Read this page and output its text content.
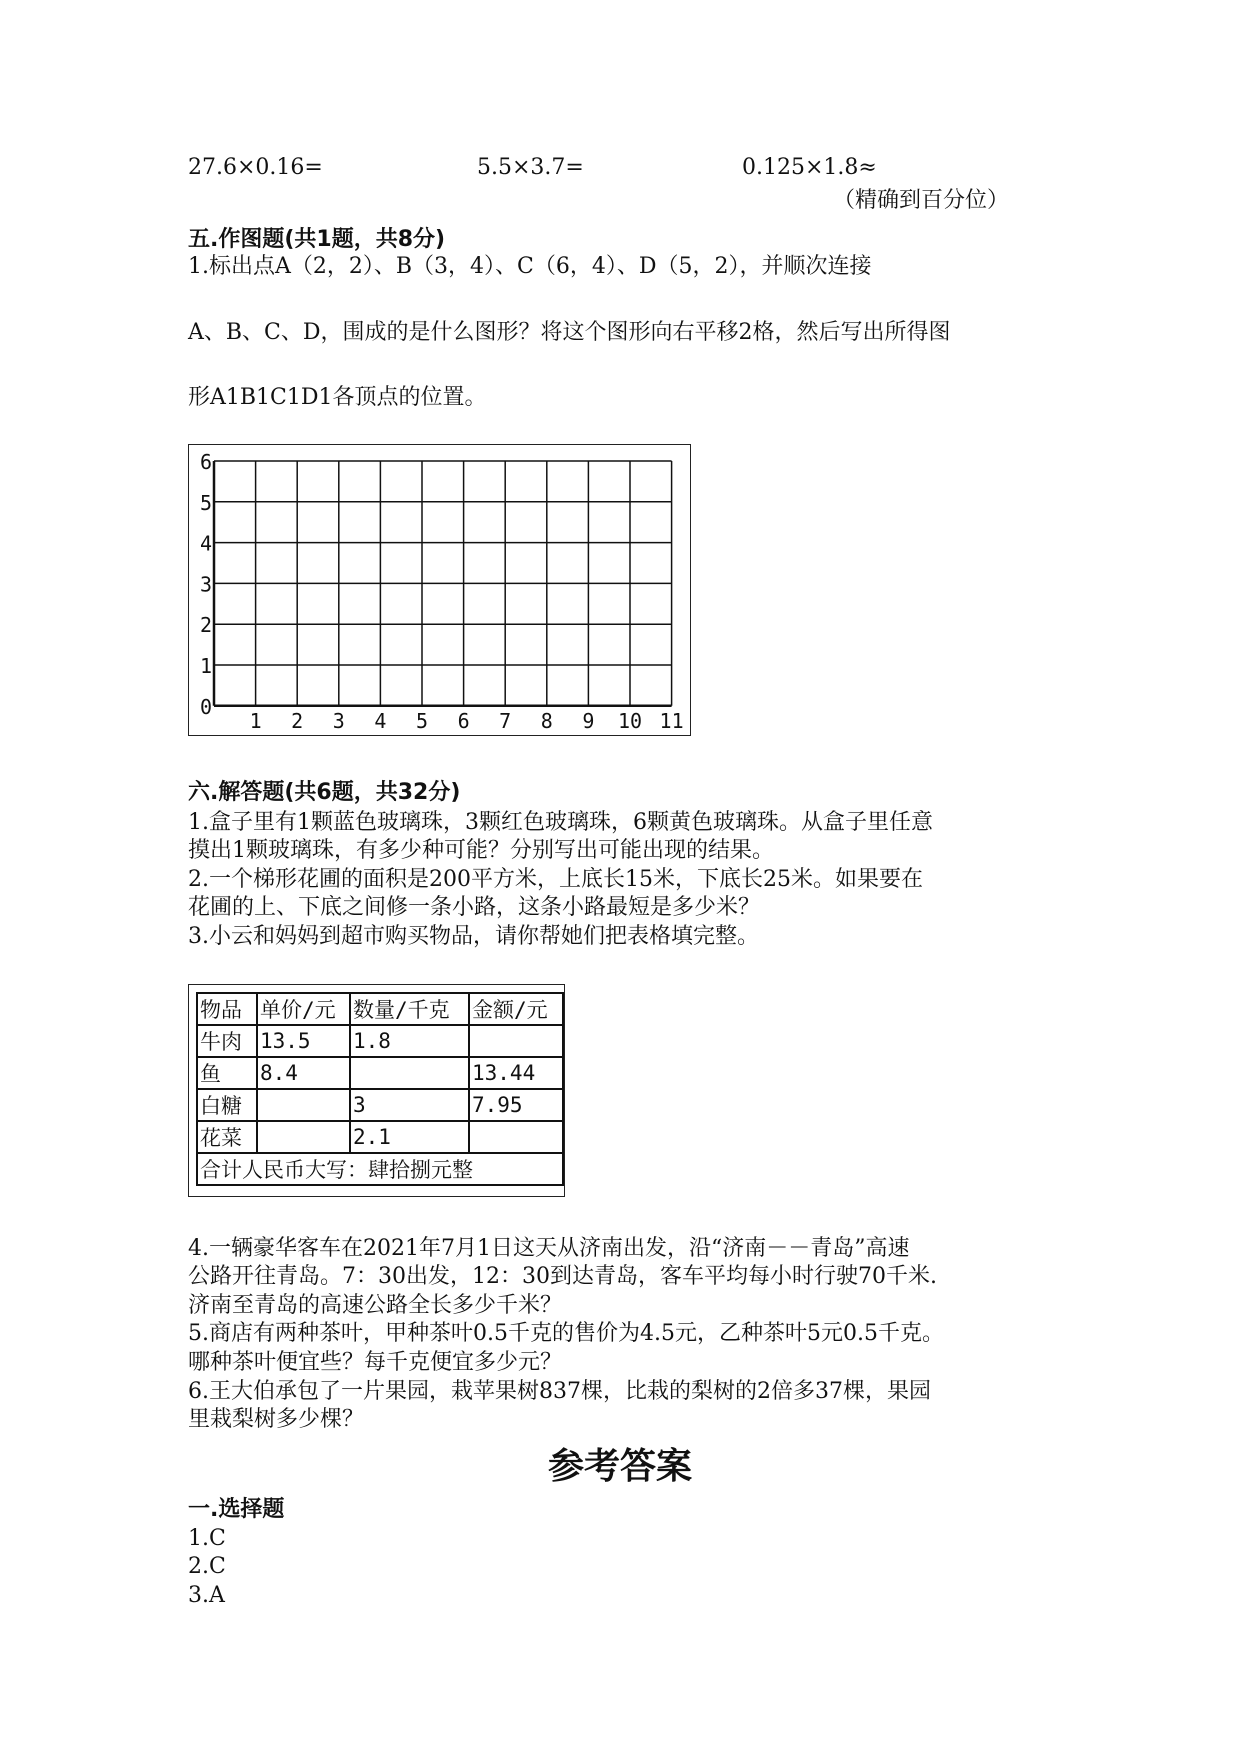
27.6×0.16=	5.5×3.7=	0.125×1.8≈
（精确到百分位）
五.作图题(共1题，共8分)
1.标出点A（2，2）、B（3，4）、C（6，4）、D（5，2），并顺次连接
A、B、C、D，围成的是什么图形？将这个图形向右平移2格，然后写出所得图
形A1B1C1D1各顶点的位置。
1 2 3 4 5 6 7 8 9 10 11
0
1
2
3
4
5
6
六.解答题(共6题，共32分)
1.盒子里有1颗蓝色玻璃珠，3颗红色玻璃珠，6颗黄色玻璃珠。从盒子里任意
摸出1颗玻璃珠，有多少种可能？分别写出可能出现的结果。
2.一个梯形花圃的面积是200平方米，上底长15米，下底长25米。如果要在
花圃的上、下底之间修一条小路，这条小路最短是多少米？
3.小云和妈妈到超市购买物品，请你帮她们把表格填完整。
物品	单价/元	数量/千克	金额/元
牛肉	13.5	1.8	
鱼	8.4		13.44
白糖		3	7.95
花菜		2.1	
合计人民币大写：肆拾捌元整			
4.一辆豪华客车在2021年7月1日这天从济南出发，沿“济南－－青岛”高速
公路开往青岛。7：30出发，12：30到达青岛，客车平均每小时行驶70千米.
济南至青岛的高速公路全长多少千米？
5.商店有两种茶叶，甲种茶叶0.5千克的售价为4.5元，乙种茶叶5元0.5千克。
哪种茶叶便宜些？每千克便宜多少元？
6.王大伯承包了一片果园，栽苹果树837棵，比栽的梨树的2倍多37棵，果园
里栽梨树多少棵？
参考答案
一.选择题
1.C
2.C
3.A
